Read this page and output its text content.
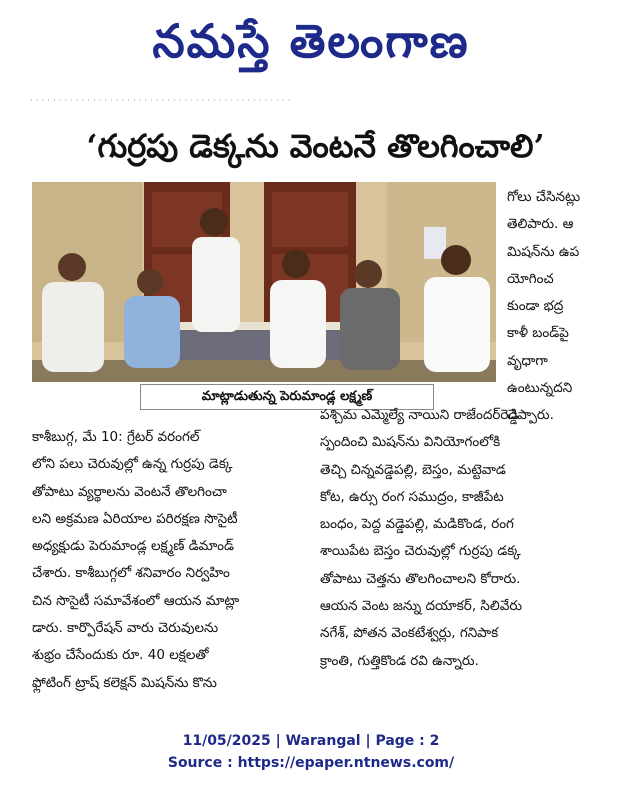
నమస్తే తెలంగాణ
· · · · · · · · · · · · · · · · · · · · · · · · · · · · · · · · · · · · · · · · · · · · · ·
‘గుర్రపు డెక్కను వెంటనే తొలగించాలి’
మాట్లాడుతున్న పెరుమాండ్ల లక్ష్మణ్

గోలు చేసినట్లు

తెలిపారు. ఆ

మిషన్‌ను ఉప

యోగించ

కుండా భద్ర

కాళీ బండ్‌పై

వృధాగా

ఉంటున్నదని

చెప్పారు.

కాశీబుగ్గ, మే 10: గ్రేటర్ వరంగల్

లోని పలు చెరువుల్లో ఉన్న గుర్రపు డెక్క

తోపాటు వ్యర్థాలను వెంటనే తొలగించా

లని అక్రమణ ఏరియాల పరిరక్షణ సొసైటీ

అధ్యక్షుడు పెరుమాండ్ల లక్ష్మణ్ డిమాండ్

చేశారు. కాశీబుగ్గలో శనివారం నిర్వహిం

చిన సొసైటీ సమావేశంలో ఆయన మాట్లా

డారు. కార్పొరేషన్ వారు చెరువులను

శుభ్రం చేసేందుకు రూ. 40 లక్షలతో

ఫ్లోటింగ్ ట్రాష్ కలెక్షన్ మిషన్‌ను కొను

పశ్చిమ ఎమ్మెల్యే నాయిని రాజేందర్‌రెడ్డి

స్పందించి మిషన్‌ను వినియోగంలోకి

తెచ్చి చిన్నవడ్డెపల్లి, బెస్తం, మట్టెవాడ

కోట, ఉర్సు రంగ సముద్రం, కాజీపేట

బంధం, పెద్ద వడ్డెపల్లి, మడికొండ, రంగ

శాయిపేట బెస్తం చెరువుల్లో గుర్రపు డక్క

తోపాటు చెత్తను తొలగించాలని కోరారు.

ఆయన వెంట జన్ను దయాకర్, సిలివేరు

నగేశ్, పోతన వెంకటేశ్వర్లు, గనిపాక

క్రాంతి, గుత్తికొండ రవి ఉన్నారు.

11/05/2025 | Warangal | Page : 2
Source : https://epaper.ntnews.com/
